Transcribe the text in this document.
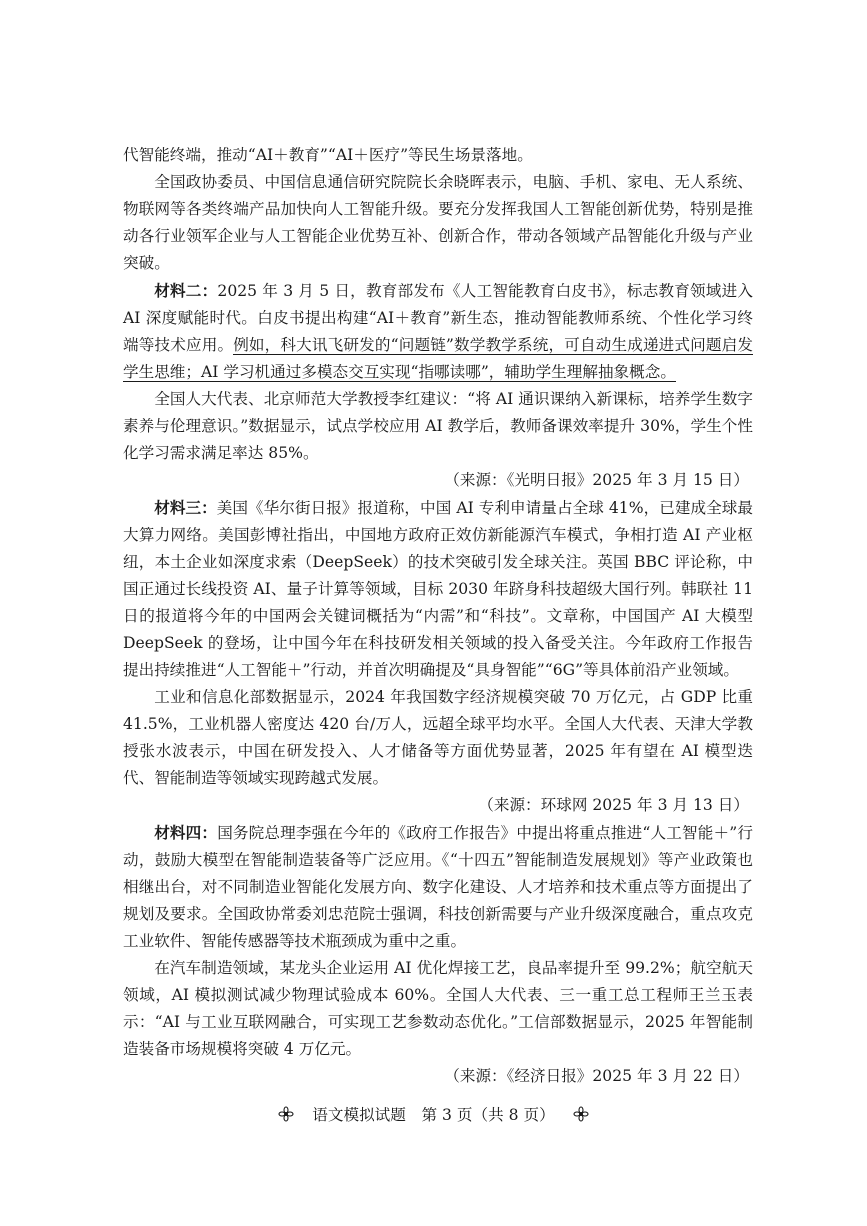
代智能终端，推动“AI＋教育”“AI＋医疗”等民生场景落地。

全国政协委员、中国信息通信研究院院长余晓晖表示，电脑、手机、家电、无人系统、物联网等各类终端产品加快向人工智能升级。要充分发挥我国人工智能创新优势，特别是推动各行业领军企业与人工智能企业优势互补、创新合作，带动各领域产品智能化升级与产业突破。

材料二：2025 年 3 月 5 日，教育部发布《人工智能教育白皮书》，标志教育领域进入 AI 深度赋能时代。白皮书提出构建“AI＋教育”新生态，推动智能教师系统、个性化学习终端等技术应用。例如，科大讯飞研发的“问题链”数学教学系统，可自动生成递进式问题启发学生思维；AI 学习机通过多模态交互实现“指哪读哪”，辅助学生理解抽象概念。

全国人大代表、北京师范大学教授李红建议：“将 AI 通识课纳入新课标，培养学生数字素养与伦理意识。”数据显示，试点学校应用 AI 教学后，教师备课效率提升 30%，学生个性化学习需求满足率达 85%。

（来源：《光明日报》2025 年 3 月 15 日）

材料三：美国《华尔街日报》报道称，中国 AI 专利申请量占全球 41%，已建成全球最大算力网络。美国彭博社指出，中国地方政府正效仿新能源汽车模式，争相打造 AI 产业枢纽，本土企业如深度求索（DeepSeek）的技术突破引发全球关注。英国 BBC 评论称，中国正通过长线投资 AI、量子计算等领域，目标 2030 年跻身科技超级大国行列。韩联社 11 日的报道将今年的中国两会关键词概括为“内需”和“科技”。文章称，中国国产 AI 大模型 DeepSeek 的登场，让中国今年在科技研发相关领域的投入备受关注。今年政府工作报告提出持续推进“人工智能＋”行动，并首次明确提及“具身智能”“6G”等具体前沿产业领域。

工业和信息化部数据显示，2024 年我国数字经济规模突破 70 万亿元，占 GDP 比重 41.5%，工业机器人密度达 420 台/万人，远超全球平均水平。全国人大代表、天津大学教授张水波表示，中国在研发投入、人才储备等方面优势显著，2025 年有望在 AI 模型迭代、智能制造等领域实现跨越式发展。

（来源：环球网 2025 年 3 月 13 日）

材料四：国务院总理李强在今年的《政府工作报告》中提出将重点推进“人工智能＋”行动，鼓励大模型在智能制造装备等广泛应用。《“十四五”智能制造发展规划》等产业政策也相继出台，对不同制造业智能化发展方向、数字化建设、人才培养和技术重点等方面提出了规划及要求。全国政协常委刘忠范院士强调，科技创新需要与产业升级深度融合，重点攻克工业软件、智能传感器等技术瓶颈成为重中之重。

在汽车制造领域，某龙头企业运用 AI 优化焊接工艺，良品率提升至 99.2%；航空航天领域，AI 模拟测试减少物理试验成本 60%。全国人大代表、三一重工总工程师王兰玉表示：“AI 与工业互联网融合，可实现工艺参数动态优化。”工信部数据显示，2025 年智能制造装备市场规模将突破 4 万亿元。

（来源：《经济日报》2025 年 3 月 22 日）

语文模拟试题　第 3 页（共 8 页）
